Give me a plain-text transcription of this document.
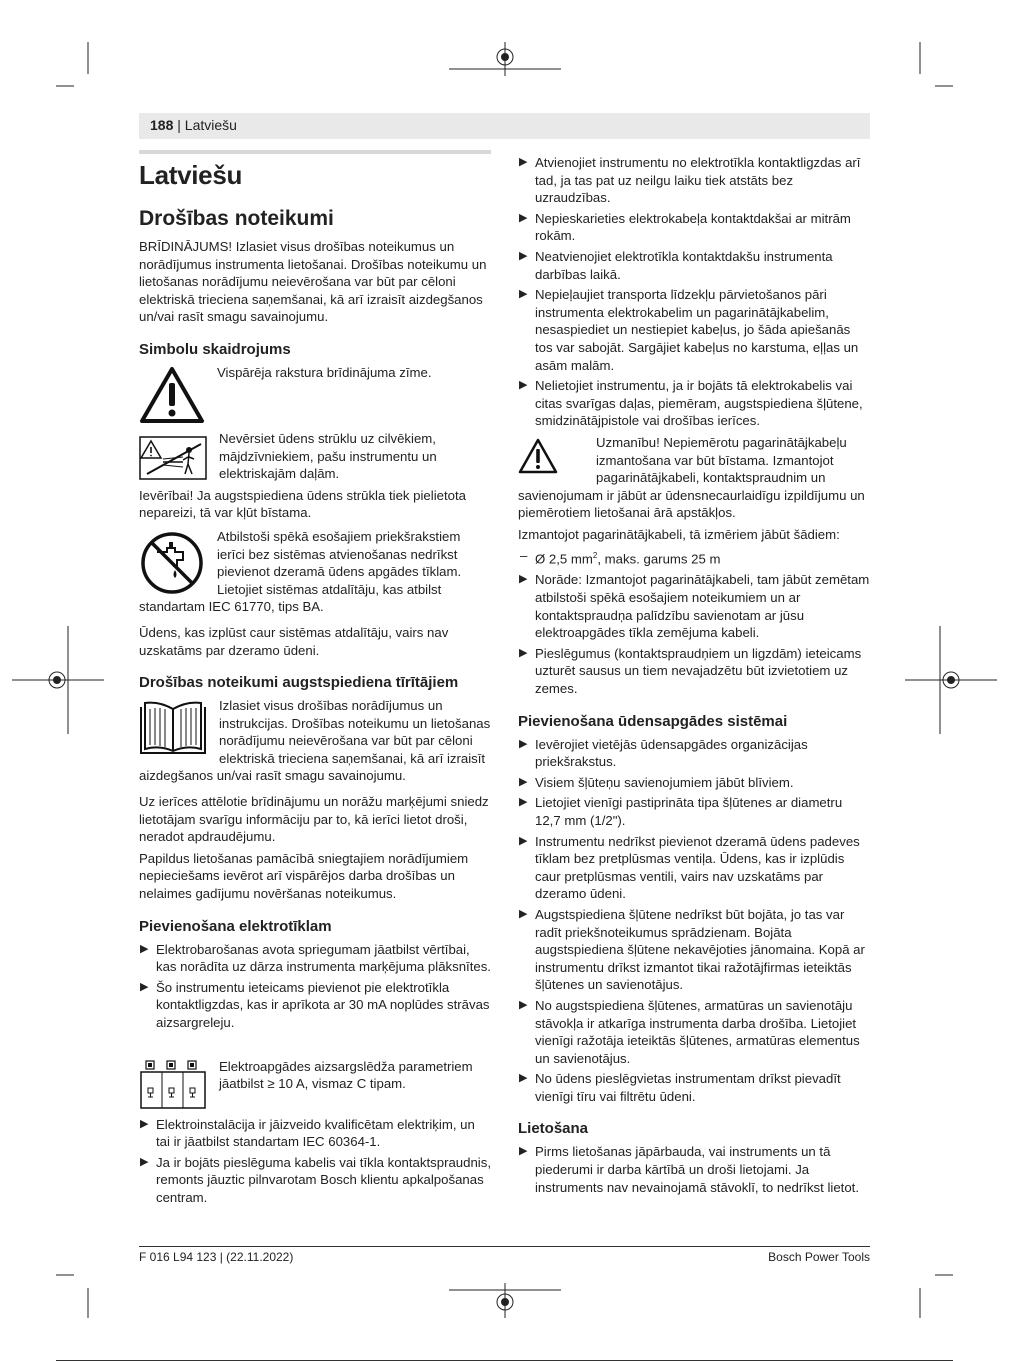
188 | Latviešu
Latviešu
Drošības noteikumi

BRĪDINĀJUMS! Izlasiet visus drošības noteikumus un norādījumus instrumenta lietošanai. Drošības noteikumu un lietošanas norādījumu neievērošana var būt par cēloni elektriskā trieciena saņemšanai, kā arī izraisīt aizdegšanos un/vai rasīt smagu savainojumu.

Simbolu skaidrojums

Vispārēja rakstura brīdinājuma zīme.

Nevērsiet ūdens strūklu uz cilvēkiem, mājdzīvniekiem, pašu instrumentu un elektriskajām daļām.

Ievērībai! Ja augstspiediena ūdens strūkla tiek pielietota nepareizi, tā var kļūt bīstama.

Atbilstoši spēkā esošajiem priekšrakstiem ierīci bez sistēmas atvienošanas nedrīkst pievienot dzeramā ūdens apgādes tīklam. Lietojiet sistēmas atdalītāju, kas atbilst standartam IEC 61770, tips BA.

Ūdens, kas izplūst caur sistēmas atdalītāju, vairs nav uzskatāms par dzeramo ūdeni.

Drošības noteikumi augstspiediena tīrītājiem

Izlasiet visus drošības norādījumus un instrukcijas. Drošības noteikumu un lietošanas norādījumu neievērošana var būt par cēloni elektriskā trieciena saņemšanai, kā arī izraisīt aizdegšanos un/vai rasīt smagu savainojumu.

Uz ierīces attēlotie brīdinājumu un norāžu marķējumi sniedz lietotājam svarīgu informāciju par to, kā ierīci lietot droši, neradot apdraudējumu.

Papildus lietošanas pamācībā sniegtajiem norādījumiem nepieciešams ievērot arī vispārējos darba drošības un nelaimes gadījumu novēršanas noteikumus.

Pievienošana elektrotīklam
▶ Elektrobarošanas avota spriegumam jāatbilst vērtībai, kas norādīta uz dārza instrumenta marķējuma plāksnītes.
▶ Šo instrumentu ieteicams pievienot pie elektrotīkla kontaktligzdas, kas ir aprīkota ar 30 mA noplūdes strāvas aizsargreleju.

Elektroapgādes aizsargslēdža parametriem jāatbilst ≥ 10 A, vismaz C tipam.

▶ Elektroinstalācija ir jāizveido kvalificētam elektriķim, un tai ir jāatbilst standartam IEC 60364-1.
▶ Ja ir bojāts pieslēguma kabelis vai tīkla kontaktspraudnis, remonts jāuztic pilnvarotam Bosch klientu apkalpošanas centram.
▶ Atvienojiet instrumentu no elektrotīkla kontaktligzdas arī tad, ja tas pat uz neilgu laiku tiek atstāts bez uzraudzības.
▶ Nepieskarieties elektrokabeļa kontaktdakšai ar mitrām rokām.
▶ Neatvienojiet elektrotīkla kontaktdakšu instrumenta darbības laikā.
▶ Nepieļaujiet transporta līdzekļu pārvietošanos pāri instrumenta elektrokabelim un pagarinātājkabelim, nesaspiediet un nestiepiet kabeļus, jo šāda apiešanās tos var sabojāt. Sargājiet kabeļus no karstuma, eļļas un asām malām.
▶ Nelietojiet instrumentu, ja ir bojāts tā elektrokabelis vai citas svarīgas daļas, piemēram, augstspiediena šļūtene, smidzinātājpistole vai drošības ierīces.

Uzmanību! Nepiemērotu pagarinātājkabeļu izmantošana var būt bīstama. Izmantojot pagarinātājkabeli, kontaktspraudnim un savienojumam ir jābūt ar ūdensnecaurlaidīgu izpildījumu un piemērotiem lietošanai ārā apstākļos.

Izmantojot pagarinātājkabeli, tā izmēriem jābūt šādiem:

– Ø 2,5 $mm^2$, maks. garums 25 m
▶ Norāde: Izmantojot pagarinātājkabeli, tam jābūt zemētam atbilstoši spēkā esošajiem noteikumiem un ar kontaktspraudņa palīdzību savienotam ar jūsu elektroapgādes tīkla zemējuma kabeli.
▶ Pieslēgumus (kontaktspraudņiem un ligzdām) ieteicams uzturēt sausus un tiem nevajadzētu būt izvietotiem uz zemes.
Pievienošana ūdensapgādes sistēmai
▶ Ievērojiet vietējās ūdensapgādes organizācijas priekšrakstus.
▶ Visiem šļūteņu savienojumiem jābūt blīviem.
▶ Lietojiet vienīgi pastiprināta tipa šļūtenes ar diametru 12,7 mm (1/2").
▶ Instrumentu nedrīkst pievienot dzeramā ūdens padeves tīklam bez pretplūsmas ventiļa. Ūdens, kas ir izplūdis caur pretplūsmas ventili, vairs nav uzskatāms par dzeramo ūdeni.
▶ Augstspiediena šļūtene nedrīkst būt bojāta, jo tas var radīt priekšnoteikumus sprādzienam. Bojāta augstspiediena šļūtene nekavējoties jānomaina. Kopā ar instrumentu drīkst izmantot tikai ražotājfirmas ieteiktās šļūtenes un savienotājus.
▶ No augstspiediena šļūtenes, armatūras un savienotāju stāvokļa ir atkarīga instrumenta darba drošība. Lietojiet vienīgi ražotāja ieteiktās šļūtenes, armatūras elementus un savienotājus.
▶ No ūdens pieslēgvietas instrumentam drīkst pievadīt vienīgi tīru vai filtrētu ūdeni.
Lietošana
▶ Pirms lietošanas jāpārbauda, vai instruments un tā piederumi ir darba kārtībā un droši lietojami. Ja instruments nav nevainojamā stāvoklī, to nedrīkst lietot.
F 016 L94 123 | (22.11.2022)	Bosch Power Tools
